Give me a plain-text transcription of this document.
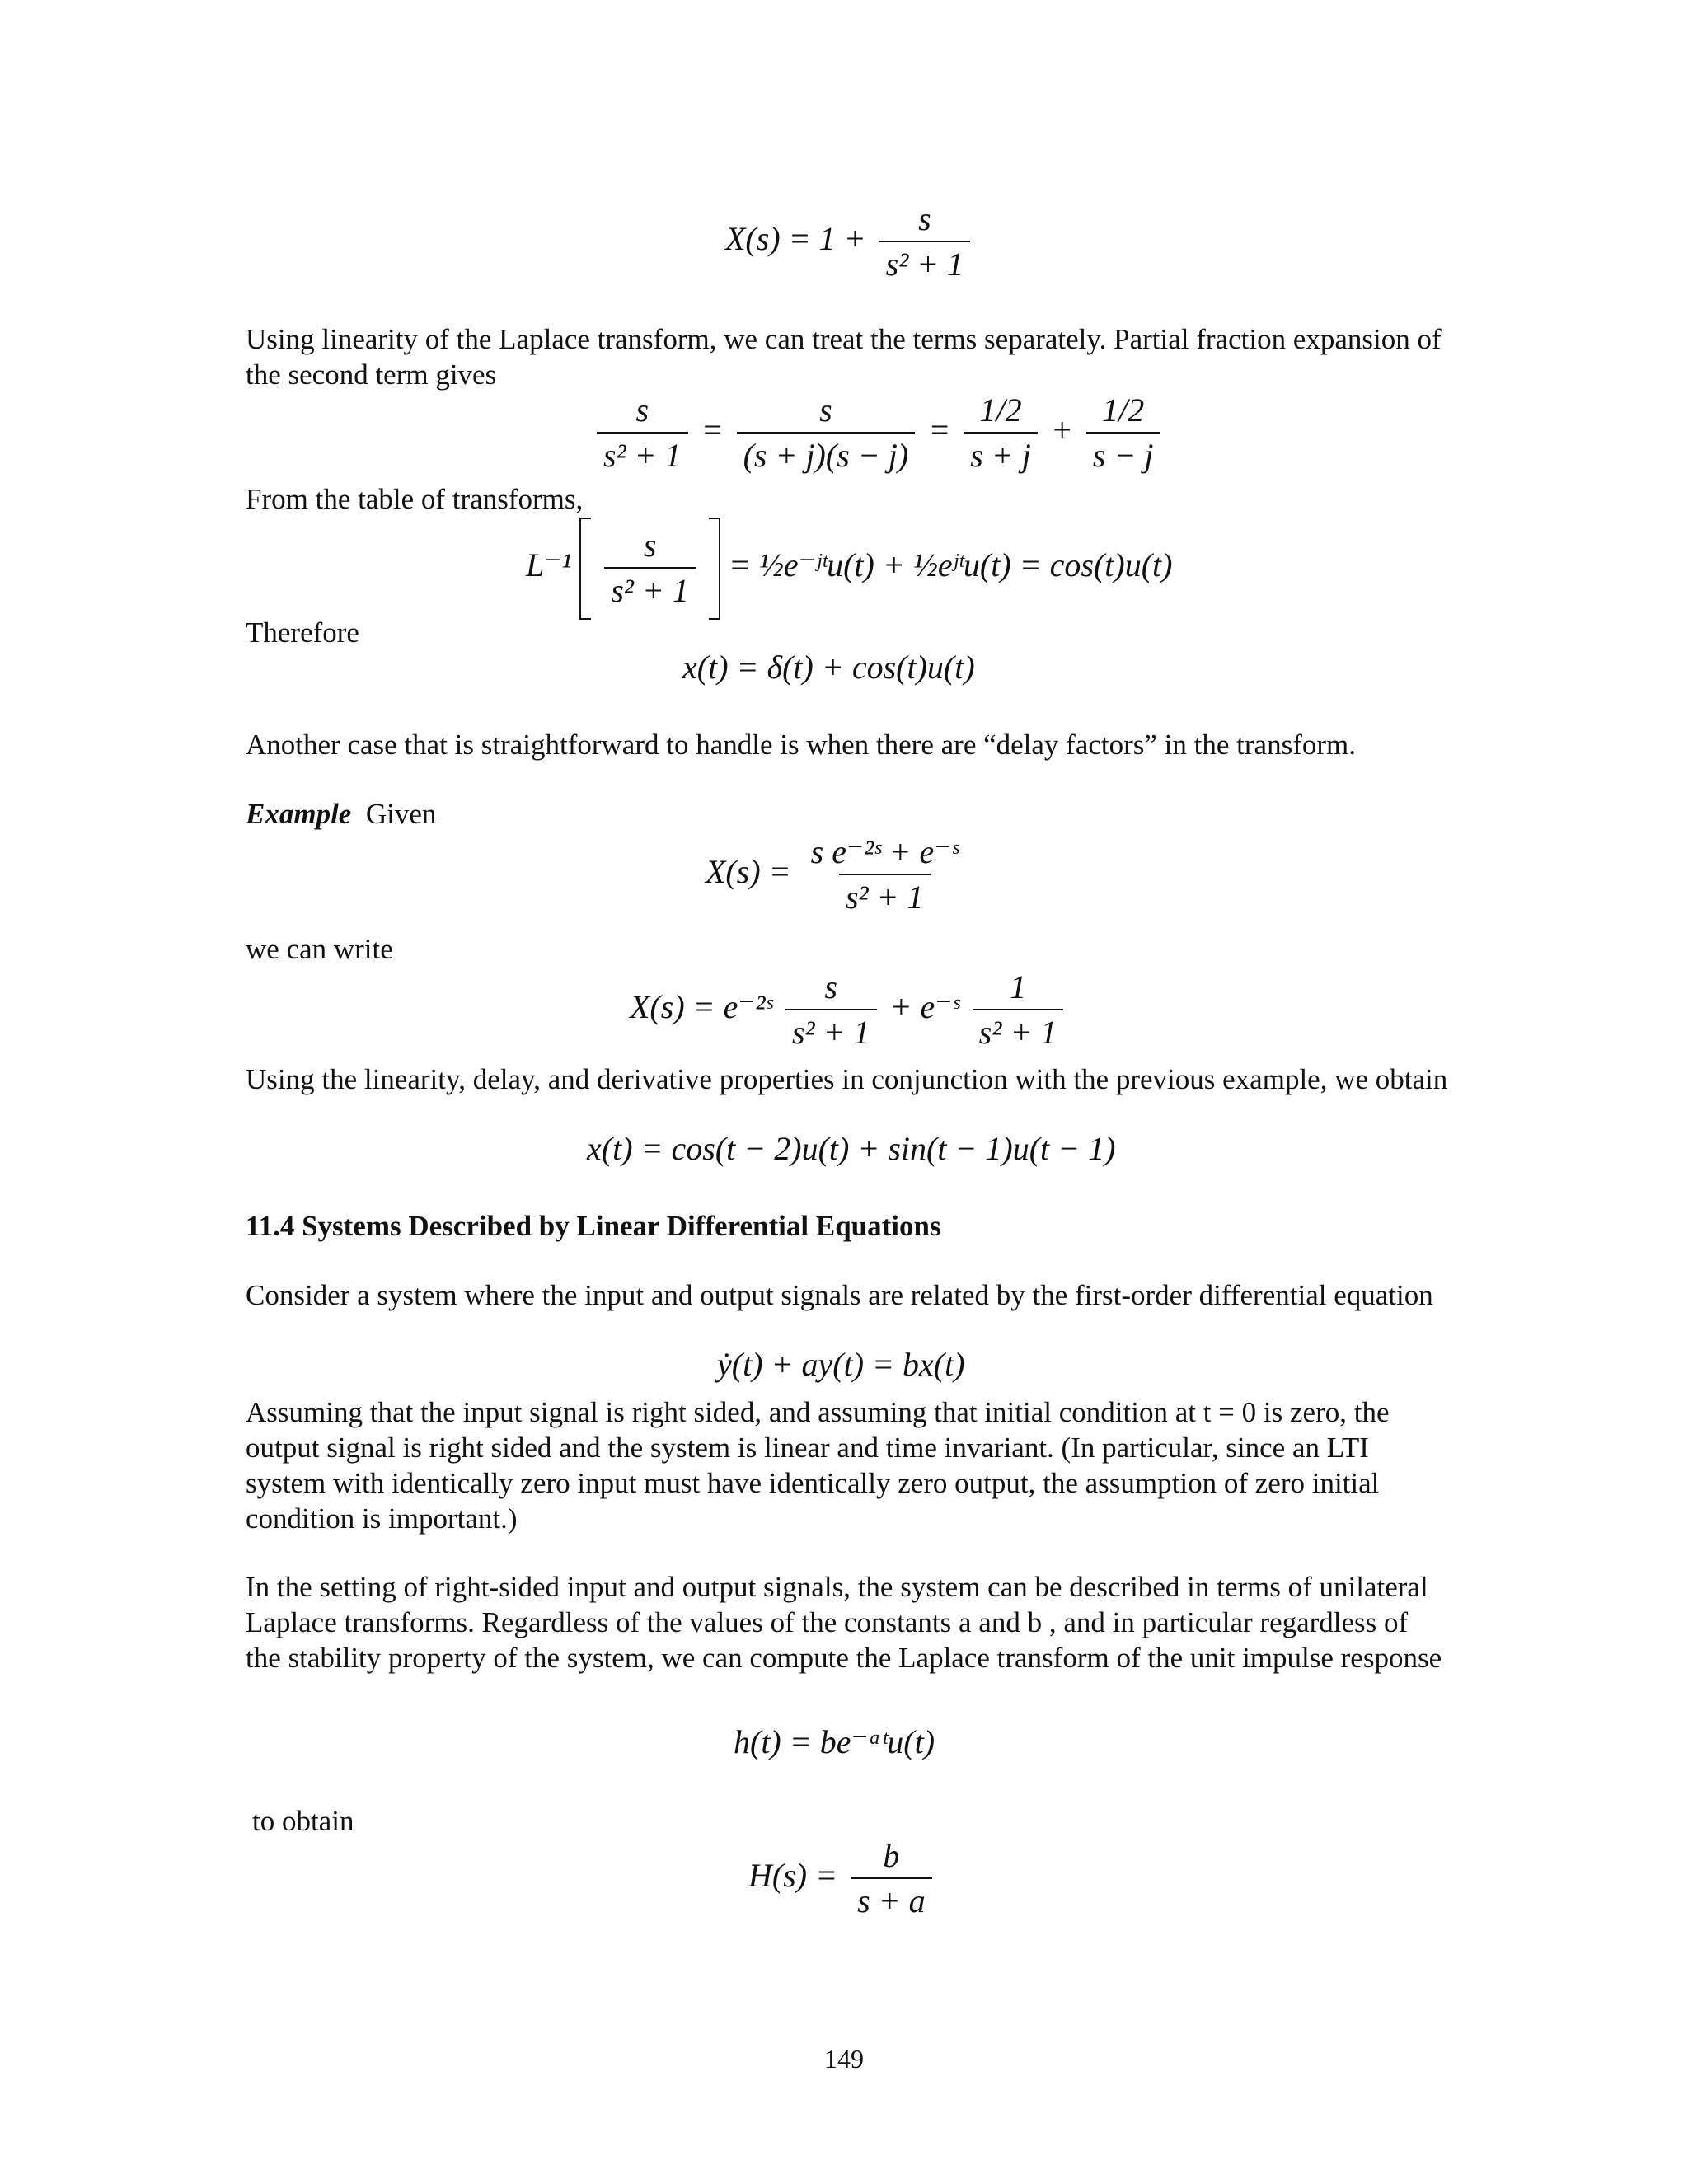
$X(s) = 1 + \frac{s}{\text{s² + 1}}$

Using linearity of the Laplace transform, we can treat the terms separately. Partial fraction expansion of the second term gives

$\frac{s}{\text{s² + 1}} = \frac{s}{(s + j)(s - j)} = \frac{1/2}{s + j} + \frac{1/2}{s - j}$

From the table of transforms,

$L^{-1} \frac{s}{\text{s² + 1}}$ = ½e⁻ʲᵗu(t) + ½eʲᵗu(t) = cos(t)u(t)

Therefore

x(t) = δ(t) + cos(t)u(t)

Another case that is straightforward to handle is when there are “delay factors” in the transform.

Example Given

$X(s) = \frac{\text{s e⁻²ˢ + e⁻ˢ}}{\text{s² + 1}}$

we can write

X(s) = e⁻²ˢ $\frac{s}{\text{s² + 1}}$ + e⁻ˢ $\frac{1}{\text{s² + 1}}$

Using the linearity, delay, and derivative properties in conjunction with the previous example, we obtain

x(t) = cos(t − 2)u(t) + sin(t − 1)u(t − 1)

11.4 Systems Described by Linear Differential Equations

Consider a system where the input and output signals are related by the first-order differential equation

ẏ(t) + ay(t) = bx(t)

Assuming that the input signal is right sided, and assuming that initial condition at t = 0 is zero, the output signal is right sided and the system is linear and time invariant. (In particular, since an LTI system with identically zero input must have identically zero output, the assumption of zero initial condition is important.)

In the setting of right-sided input and output signals, the system can be described in terms of unilateral Laplace transforms. Regardless of the values of the constants a and b , and in particular regardless of the stability property of the system, we can compute the Laplace transform of the unit impulse response

h(t) = be⁻ᵃᵗu(t)

to obtain

$H(s) = \frac{b}{s + a}$
149
